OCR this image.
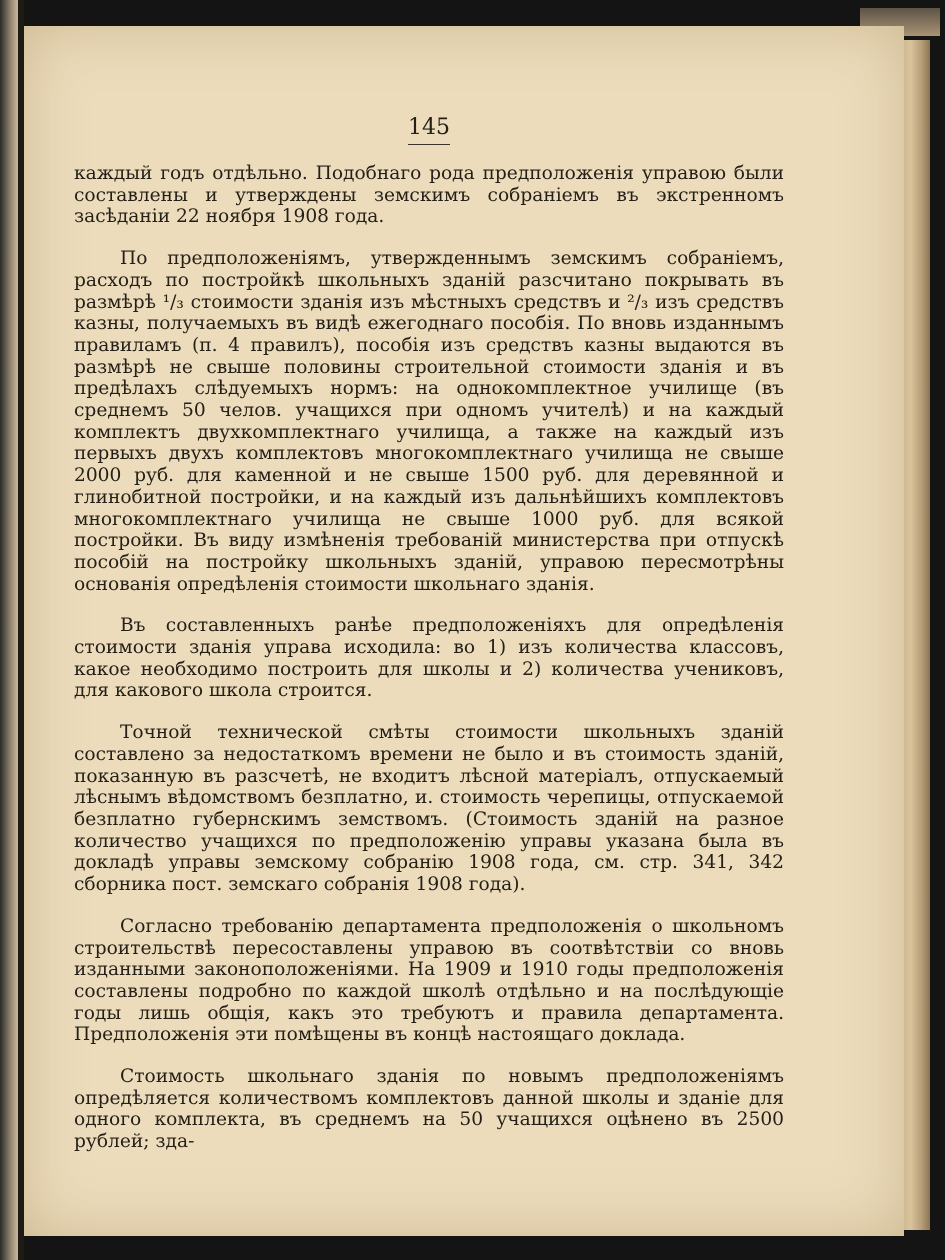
145

каждый годъ отдѣльно. Подобнаго рода предположенія управою были составлены и утверждены земскимъ собраніемъ въ экстренномъ засѣданіи 22 ноября 1908 года.

По предположеніямъ, утвержденнымъ земскимъ собраніемъ, расходъ по постройкѣ школьныхъ зданій разсчитано покрывать въ размѣрѣ ¹/₃ стоимости зданія изъ мѣстныхъ средствъ и ²/₃ изъ средствъ казны, получаемыхъ въ видѣ ежегоднаго пособія. По вновь изданнымъ правиламъ (п. 4 правилъ), пособія изъ средствъ казны выдаются въ размѣрѣ не свыше половины строительной стоимости зданія и въ предѣлахъ слѣдуемыхъ нормъ: на однокомплектное училище (въ среднемъ 50 челов. учащихся при одномъ учителѣ) и на каждый комплектъ двухкомплектнаго училища, а также на каждый изъ первыхъ двухъ комплектовъ многокомплектнаго училища не свыше 2000 руб. для каменной и не свыше 1500 руб. для деревянной и глинобитной постройки, и на каждый изъ дальнѣйшихъ комплектовъ многокомплектнаго училища не свыше 1000 руб. для всякой постройки. Въ виду измѣненія требованій министерства при отпускѣ пособій на постройку школьныхъ зданій, управою пересмотрѣны основанія опредѣленія стоимости школьнаго зданія.

Въ составленныхъ ранѣе предположеніяхъ для опредѣленія стоимости зданія управа исходила: во 1) изъ количества классовъ, какое необходимо построить для школы и 2) количества учениковъ, для какового школа строится.

Точной технической смѣты стоимости школьныхъ зданій составлено за недостаткомъ времени не было и въ стоимость зданій, показанную въ разсчетѣ, не входитъ лѣсной матеріалъ, отпускаемый лѣснымъ вѣдомствомъ безплатно, и. стоимость черепицы, отпускаемой безплатно губернскимъ земствомъ. (Стоимость зданій на разное количество учащихся по предположенію управы указана была въ докладѣ управы земскому собранію 1908 года, см. стр. 341, 342 сборника пост. земскаго собранія 1908 года).

Согласно требованію департамента предположенія о школьномъ строительствѣ пересоставлены управою въ соотвѣтствіи со вновь изданными законоположеніями. На 1909 и 1910 годы предположенія составлены подробно по каждой школѣ отдѣльно и на послѣдующіе годы лишь общія, какъ это требуютъ и правила департамента. Предположенія эти помѣщены въ концѣ настоящаго доклада.

Стоимость школьнаго зданія по новымъ предположеніямъ опредѣляется количествомъ комплектовъ данной школы и зданіе для одного комплекта, въ среднемъ на 50 учащихся оцѣнено въ 2500 рублей; зда-
